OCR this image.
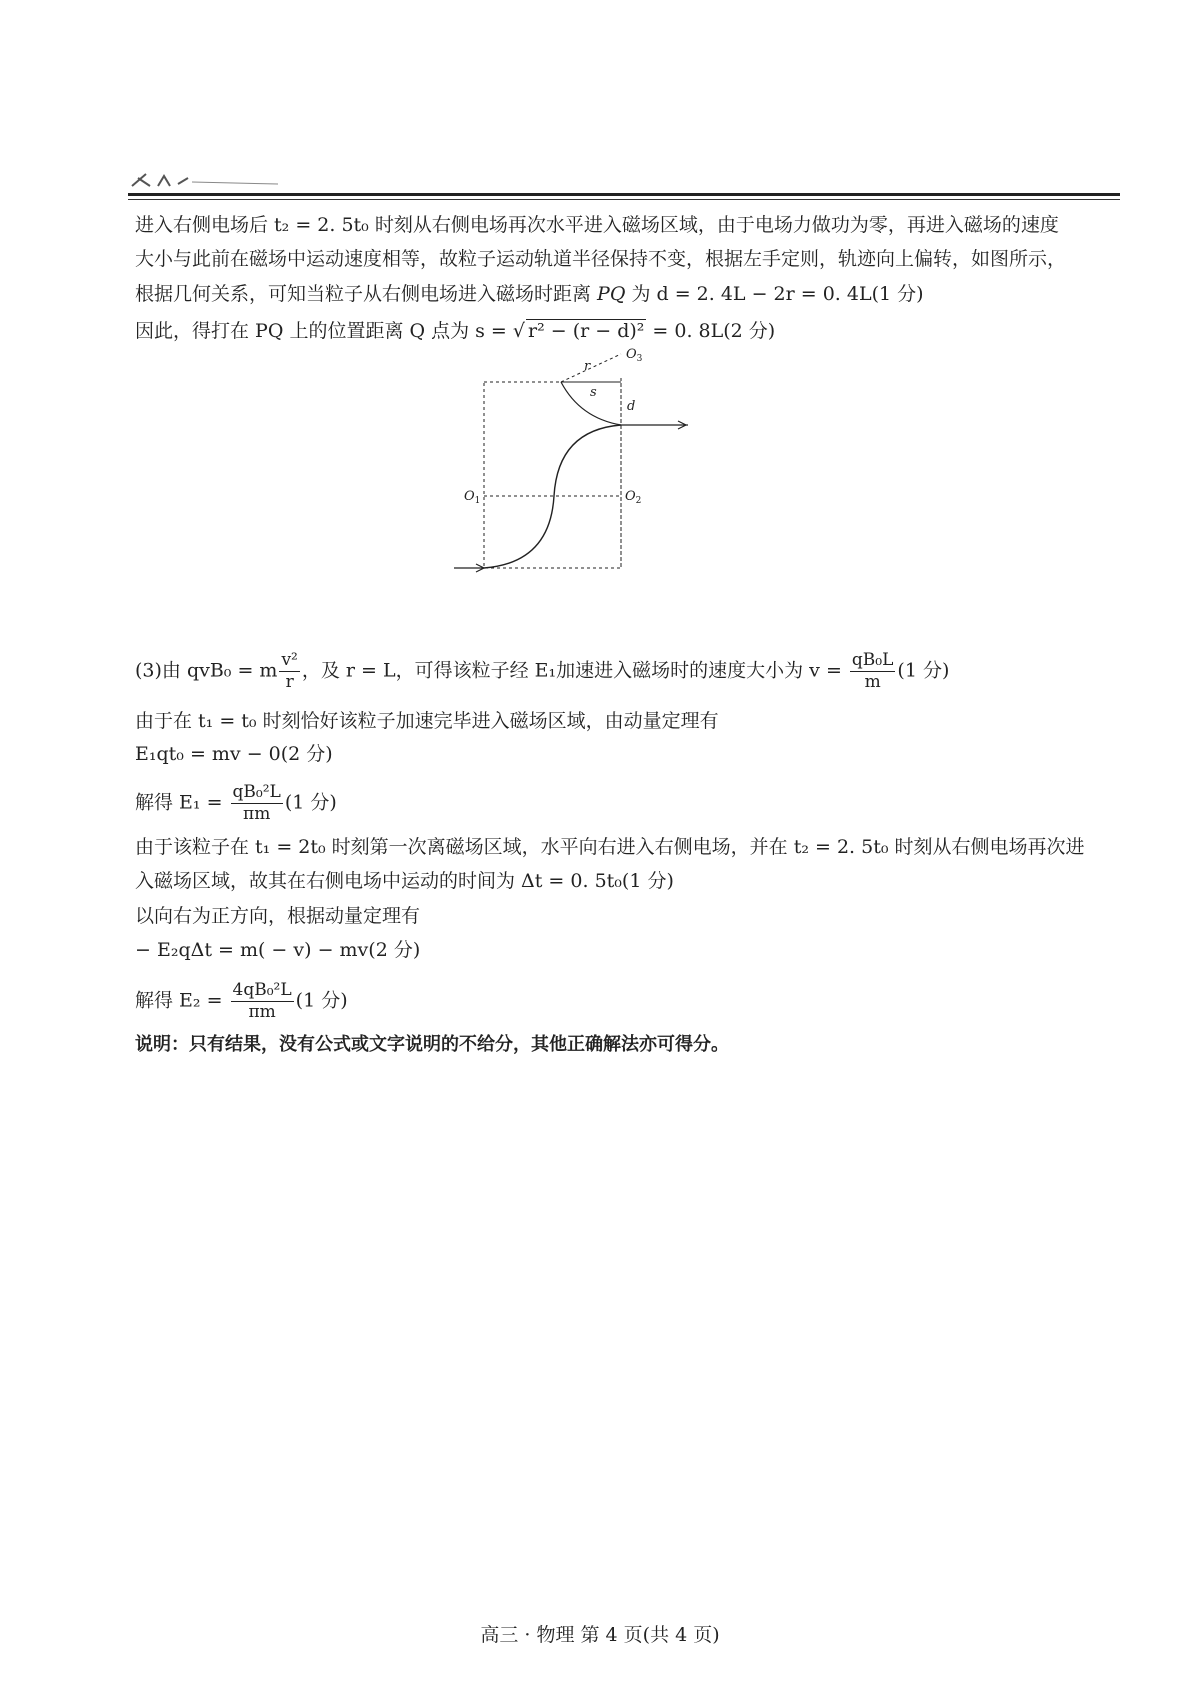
进入右侧电场后 t₂ = 2. 5t₀ 时刻从右侧电场再次水平进入磁场区域，由于电场力做功为零，再进入磁场的速度
大小与此前在磁场中运动速度相等，故粒子运动轨道半径保持不变，根据左手定则，轨迹向上偏转，如图所示，
根据几何关系，可知当粒子从右侧电场进入磁场时距离 PQ 为 d = 2. 4L − 2r = 0. 4L(1 分)
因此，得打在 PQ 上的位置距离 Q 点为 s = √ r² − (r − d)² = 0. 8L(2 分)
$O_3$
r
s
d
$O_1$	$O_2$
(3)由 qvB₀ = m $\frac{\text{v²}}{r}$ ，及 r = L，可得该粒子经 E₁加速进入磁场时的速度大小为 $v = \frac{\text{qB₀L}}{m} (1$ 分)
由于在 t₁ = t₀ 时刻恰好该粒子加速完毕进入磁场区域，由动量定理有
E₁qt₀ = mv − 0(2 分)
解得 $E_1 = \frac{\text{qB₀²L}}{\pi m} (1$ 分)
由于该粒子在 t₁ = 2t₀ 时刻第一次离磁场区域，水平向右进入右侧电场，并在 t₂ = 2. 5t₀ 时刻从右侧电场再次进
入磁场区域，故其在右侧电场中运动的时间为 Δt = 0. 5t₀(1 分)
以向右为正方向，根据动量定理有
− E₂qΔt = m( − v) − mv(2 分)
解得 $E_2 = \frac{\text{4qB₀²L}}{\pi m} (1$ 分)
说明：只有结果，没有公式或文字说明的不给分，其他正确解法亦可得分。
高三 · 物理 第 4 页(共 4 页)
